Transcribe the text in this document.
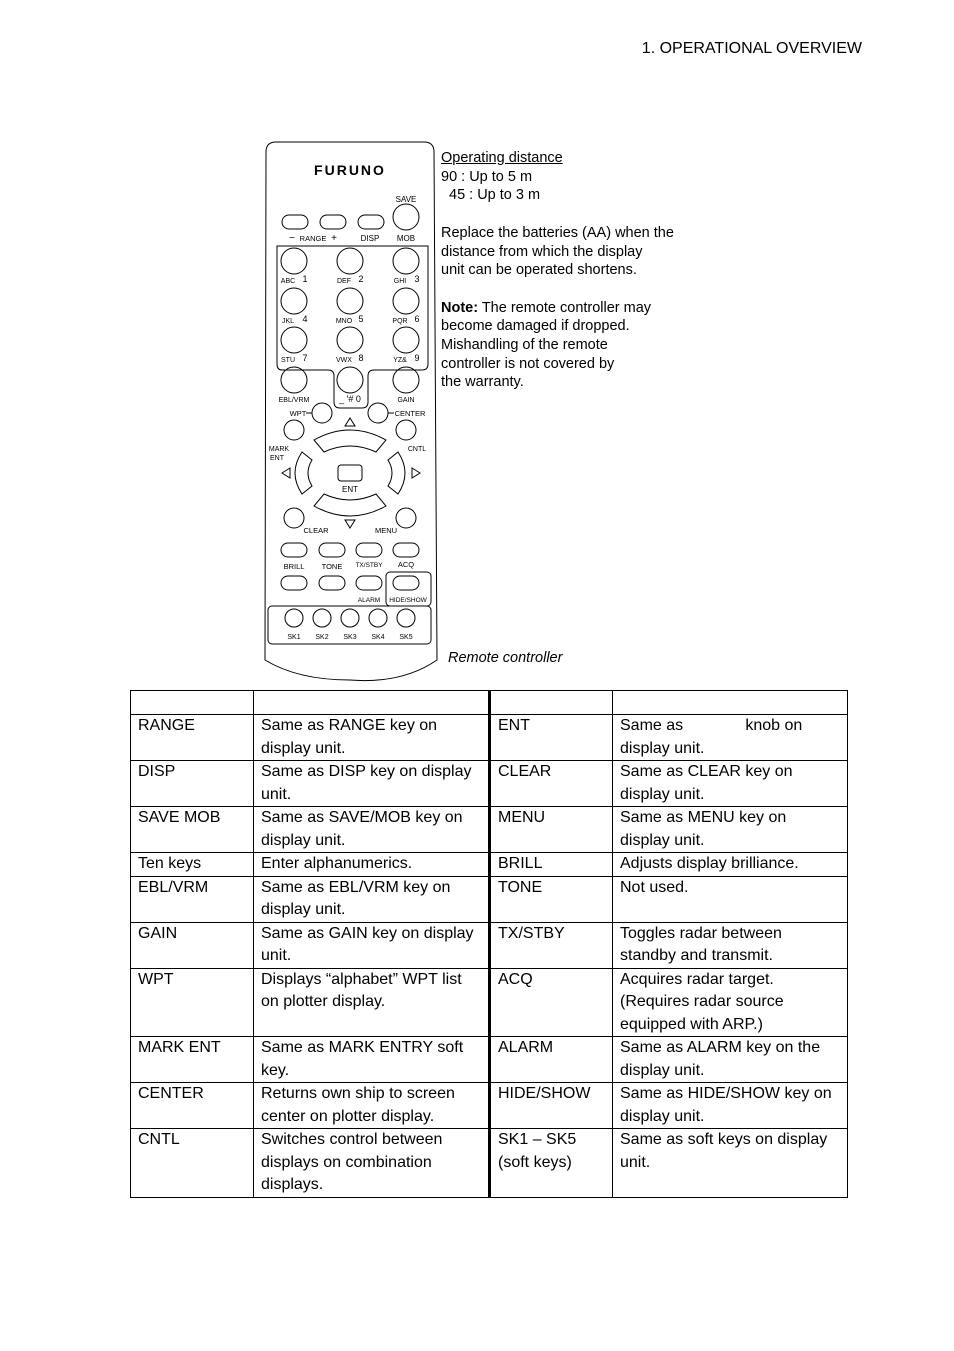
1. OPERATIONAL OVERVIEW
FURUNO
SAVE
− RANGE +	DISP MOB
ABC 1	DEF 2	GHI 3
JKL 4	MNO 5	PQR 6
STU 7	VWX 8	YZ& 9
EBL/VRM	_ '# 0	GAIN
WPT	CENTER
MARK
ENT
CNTL
ENT
CLEAR	MENU
BRILL TONE TX/STBY ACQ
ALARM HIDE/SHOW
SK1 SK2 SK3 SK4 SK5

Operating distance

90 : Up to 5 m

45 : Up to 3 m

Replace the batteries (AA) when the

distance from which the display

unit can be operated shortens.

Note: The remote controller may

become damaged if dropped.

Mishandling of the remote

controller is not covered by

the warranty.

Remote controller

RANGE	Same as RANGE key on display unit.	ENT	Same as              knob on display unit.
DISP	Same as DISP key on display unit.	CLEAR	Same as CLEAR key on display unit.
SAVE MOB	Same as SAVE/MOB key on display unit.	MENU	Same as MENU key on display unit.
Ten keys	Enter alphanumerics.	BRILL	Adjusts display brilliance.
EBL/VRM	Same as EBL/VRM key on display unit.	TONE	Not used.
GAIN	Same as GAIN key on display unit.	TX/STBY	Toggles radar between standby and transmit.
WPT	Displays “alphabet” WPT list on plotter display.	ACQ	Acquires radar target. (Requires radar source equipped with ARP.)
MARK ENT	Same as MARK ENTRY soft key.	ALARM	Same as ALARM key on the display unit.
CENTER	Returns own ship to screen center on plotter display.	HIDE/SHOW	Same as HIDE/SHOW key on display unit.
CNTL	Switches control between displays on combination displays.	SK1 – SK5 (soft keys)	Same as soft keys on display unit.
